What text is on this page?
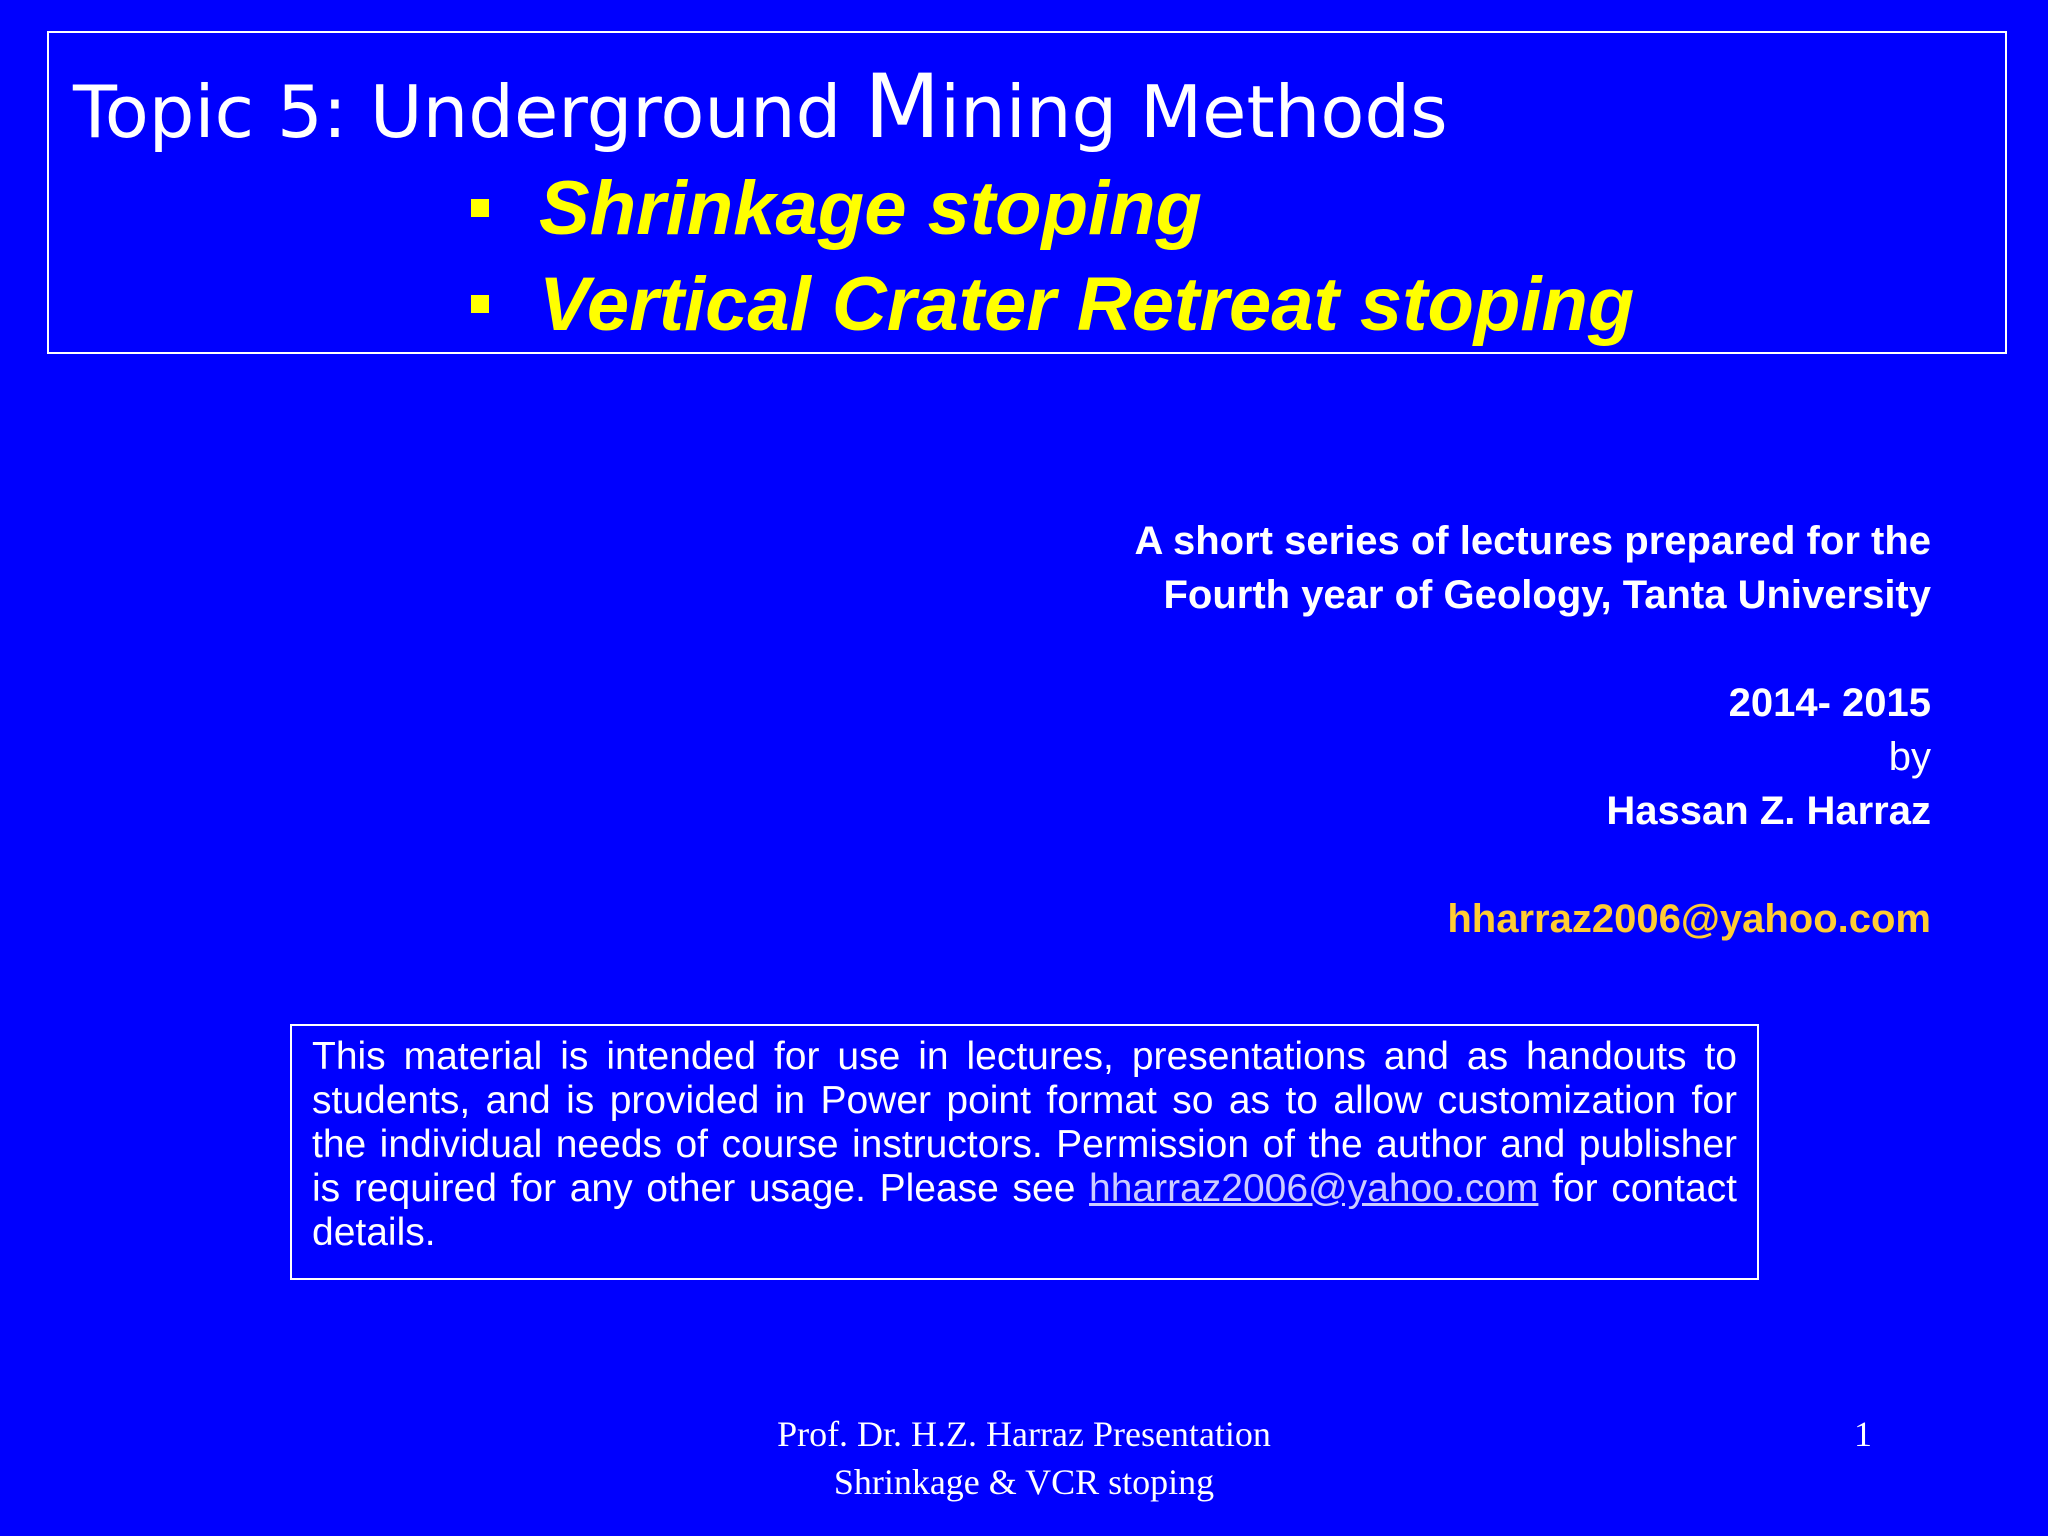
Topic 5: Underground Mining Methods
Shrinkage stoping
Vertical Crater Retreat stoping
A short series of lectures prepared for the
Fourth year of Geology, Tanta University
2014- 2015
by
Hassan Z. Harraz
hharraz2006@yahoo.com
This material is intended for use in lectures, presentations and as handouts to students, and is provided in Power point format so as to allow customization for the individual needs of course instructors. Permission of the author and publisher is required for any other usage. Please see hharraz2006@yahoo.com for contact details.
Prof. Dr. H.Z. Harraz Presentation
Shrinkage & VCR stoping
1
